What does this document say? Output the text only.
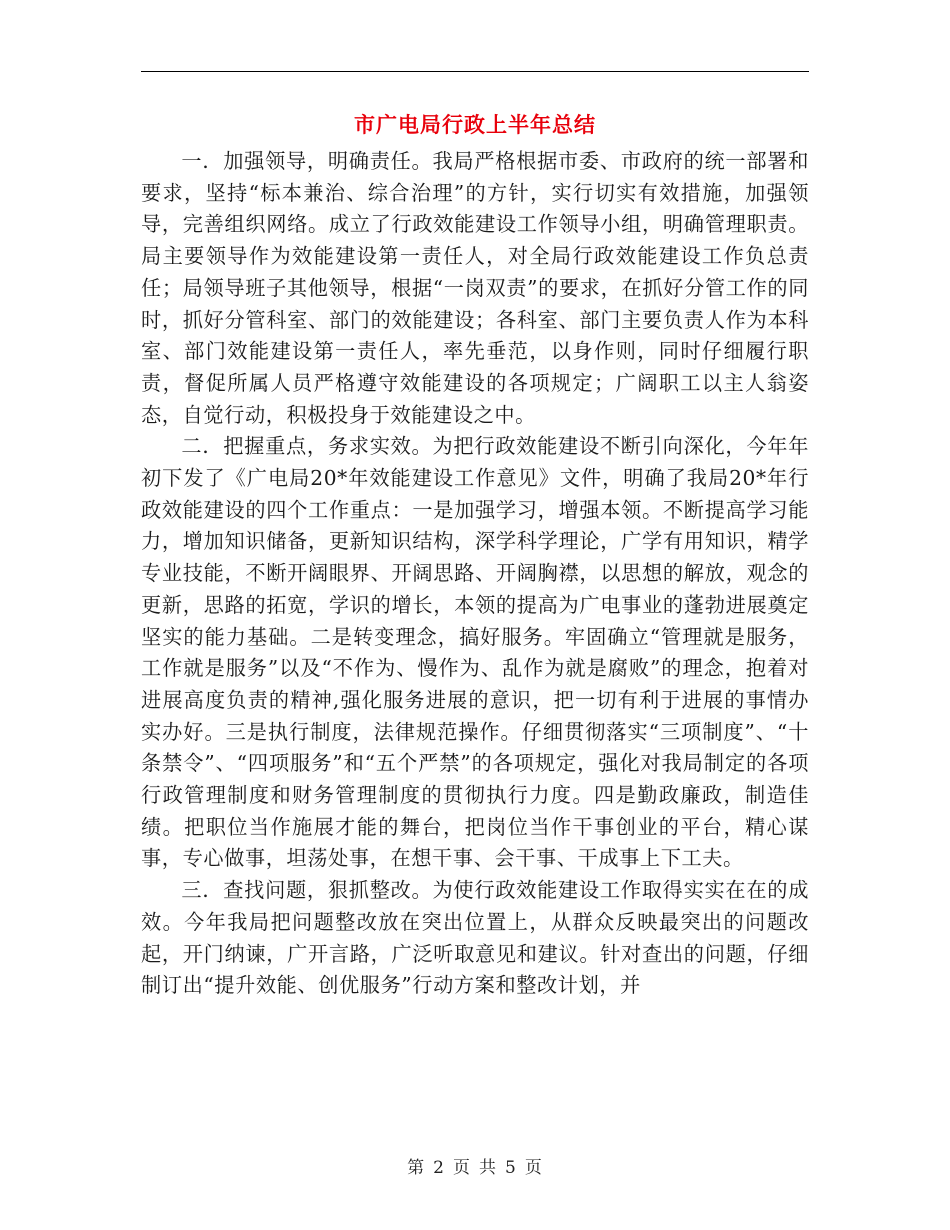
市广电局行政上半年总结

一．加强领导，明确责任。我局严格根据市委、市政府的统一部署和要求，坚持“标本兼治、综合治理”的方针，实行切实有效措施，加强领导，完善组织网络。成立了行政效能建设工作领导小组，明确管理职责。局主要领导作为效能建设第一责任人，对全局行政效能建设工作负总责任；局领导班子其他领导，根据“一岗双责”的要求，在抓好分管工作的同时，抓好分管科室、部门的效能建设；各科室、部门主要负责人作为本科室、部门效能建设第一责任人，率先垂范，以身作则，同时仔细履行职责，督促所属人员严格遵守效能建设的各项规定；广阔职工以主人翁姿态，自觉行动，积极投身于效能建设之中。

二．把握重点，务求实效。为把行政效能建设不断引向深化，今年年初下发了《广电局20*年效能建设工作意见》文件，明确了我局20*年行政效能建设的四个工作重点：一是加强学习，增强本领。不断提高学习能力，增加知识储备，更新知识结构，深学科学理论，广学有用知识，精学专业技能，不断开阔眼界、开阔思路、开阔胸襟，以思想的解放，观念的更新，思路的拓宽，学识的增长，本领的提高为广电事业的蓬勃进展奠定坚实的能力基础。二是转变理念，搞好服务。牢固确立“管理就是服务，工作就是服务”以及“不作为、慢作为、乱作为就是腐败”的理念，抱着对进展高度负责的精神,强化服务进展的意识，把一切有利于进展的事情办实办好。三是执行制度，法律规范操作。仔细贯彻落实“三项制度”、“十条禁令”、“四项服务”和“五个严禁”的各项规定，强化对我局制定的各项行政管理制度和财务管理制度的贯彻执行力度。四是勤政廉政，制造佳绩。把职位当作施展才能的舞台，把岗位当作干事创业的平台，精心谋事，专心做事，坦荡处事，在想干事、会干事、干成事上下工夫。

三．查找问题，狠抓整改。为使行政效能建设工作取得实实在在的成效。今年我局把问题整改放在突出位置上，从群众反映最突出的问题改起，开门纳谏，广开言路，广泛听取意见和建议。针对查出的问题，仔细制订出“提升效能、创优服务”行动方案和整改计划，并

第 2 页 共 5 页
